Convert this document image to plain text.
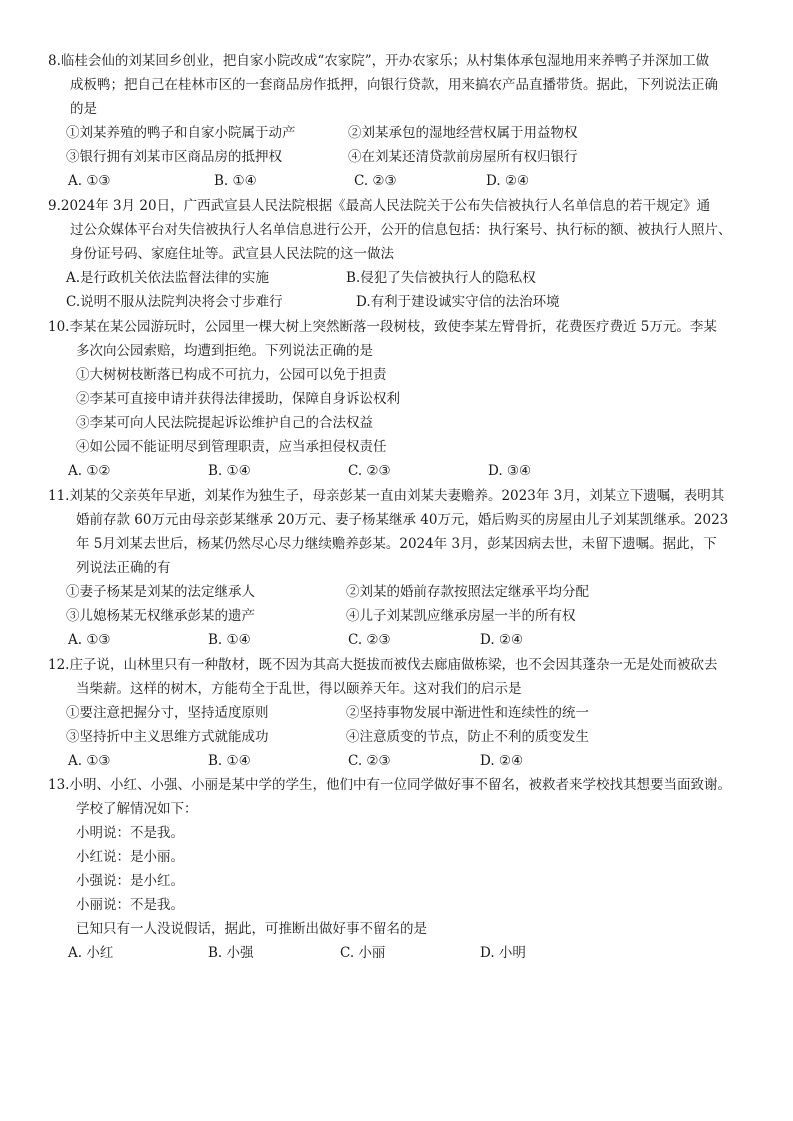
8.临桂会仙的刘某回乡创业，把自家小院改成“农家院”，开办农家乐；从村集体承包湿地用来养鸭子并深加工做
成板鸭；把自己在桂林市区的一套商品房作抵押，向银行贷款，用来搞农产品直播带货。据此，下列说法正确
的是
①刘某养殖的鸭子和自家小院属于动产	②刘某承包的湿地经营权属于用益物权
③银行拥有刘某市区商品房的抵押权	④在刘某还清贷款前房屋所有权归银行
A. ①③	B. ①④	C. ②③	D. ②④
9.2024年 3月 20日，广西武宣县人民法院根据《最高人民法院关于公布失信被执行人名单信息的若干规定》通
过公众媒体平台对失信被执行人名单信息进行公开，公开的信息包括：执行案号、执行标的额、被执行人照片、
身份证号码、家庭住址等。武宣县人民法院的这一做法
A.是行政机关依法监督法律的实施	B.侵犯了失信被执行人的隐私权
C.说明不服从法院判决将会寸步难行	D.有利于建设诚实守信的法治环境
10.李某在某公园游玩时，公园里一棵大树上突然断落一段树枝，致使李某左臂骨折，花费医疗费近 5万元。李某
多次向公园索赔，均遭到拒绝。下列说法正确的是
①大树树枝断落已构成不可抗力，公园可以免于担责
②李某可直接申请并获得法律援助，保障自身诉讼权利
③李某可向人民法院提起诉讼维护自己的合法权益
④如公园不能证明尽到管理职责，应当承担侵权责任
A. ①②	B. ①④	C. ②③	D. ③④
11.刘某的父亲英年早逝，刘某作为独生子，母亲彭某一直由刘某夫妻赡养。2023年 3月，刘某立下遗嘱，表明其
婚前存款 60万元由母亲彭某继承 20万元、妻子杨某继承 40万元，婚后购买的房屋由儿子刘某凯继承。2023
年 5月刘某去世后，杨某仍然尽心尽力继续赡养彭某。2024年 3月，彭某因病去世，未留下遗嘱。据此，下
列说法正确的有
①妻子杨某是刘某的法定继承人	②刘某的婚前存款按照法定继承平均分配
③儿媳杨某无权继承彭某的遗产	④儿子刘某凯应继承房屋一半的所有权
A. ①③	B. ①④	C. ②③	D. ②④
12.庄子说，山林里只有一种散材，既不因为其高大挺拔而被伐去廊庙做栋梁，也不会因其蓬杂一无是处而被砍去
当柴薪。这样的树木，方能苟全于乱世，得以颐养天年。这对我们的启示是
①要注意把握分寸，坚持适度原则	②坚持事物发展中渐进性和连续性的统一
③坚持折中主义思维方式就能成功	④注意质变的节点，防止不利的质变发生
A. ①③	B. ①④	C. ②③	D. ②④
13.小明、小红、小强、小丽是某中学的学生，他们中有一位同学做好事不留名，被救者来学校找其想要当面致谢。
学校了解情况如下：
小明说：不是我。
小红说：是小丽。
小强说：是小红。
小丽说：不是我。
已知只有一人没说假话，据此，可推断出做好事不留名的是
A. 小红	B. 小强	C. 小丽	D. 小明
